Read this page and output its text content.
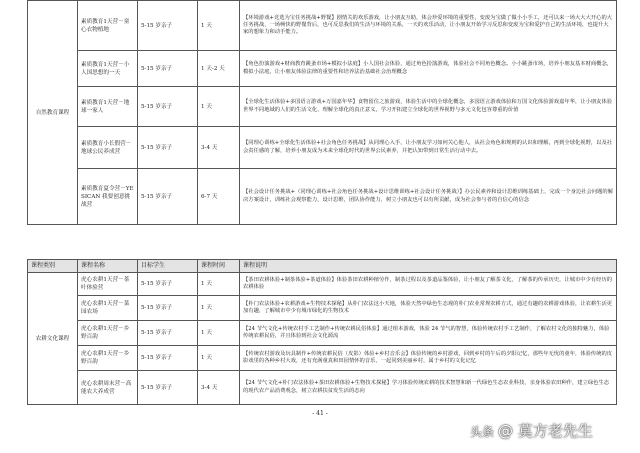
自然教育课程	素质教育1天营－童心衣物植地	5-15 岁亲子	1 天	【环境游戏+竞选为宝任务挑战+野餐】剧情关的欢乐游戏，让小朋友互助，体会珍爱环境的重要性，变废为宝做了做小小手工，还可以来一场大大大开心的大任务挑战，一场畅快的野餐背后，也可反思我们的生活与环境的关系，一天的欢乐活动，让小朋友开始学习反思和变废为宝和爱护自己的生活环境，也提升大家的想象力和动手能力。
	素质教育1天营－小人国思想的一天	5-15 岁亲子	1 天-2 天	【角色扮演游戏+财商教育跳蚤市场+模拟小法庭】小人国社会体验，通过角色扮演游戏，体验社会不同角色概念。小小跳蚤市场，培养小朋友基本财商概念，模拟小法庭，让小朋友体验法律的重要性和培养法治基础社会治理概念
	素质教育1天营－地球一家人	5-15 岁亲子	1 天	【全球化生活体验+多国语言游戏+万国嘉年华】食物留住之旅游戏，体验生活中的全球化概念，多国语言游戏体验和万国文化体验游戏嘉年华，让小朋友体验世界不同地域的人们的生活文化、理解全球化的真正意义，学习开拓建立全球化的世界视野与多元文化包容尊重的价值
	素质教育小长假营－地球公民养成营	5-15 岁亲子	3-4 天	【同理心训练+全球化生活体验+社会角色任务挑战】从同理心入手，让小朋友学习如何关心他人，从社会角色和规则的认识和理解，再到全球化视野，以及社会责任感的了解，培养小朋友成为未来全球化时代的世界公民素养，并把认知带到日常生活行动中去。
	素质教育夏令营－YESICAN 我要创意挑战营	5-15 岁亲子	6-7 天	【社会设计任务挑战+（同理心训练+社会角色任务挑战+设计思维训练+社会设计任务挑战）】办公民素养和设计思维训练基础上，完成一个身边社会问题的解决方案设计，训练社会观察能力，设计思维，团队协作能力，树立小朋友也可以有所贡献，成为社会参与者的自信心的信念
课程类别	课程名称	目标学生	课程时间	课程说明
农耕文化课程	虎心农耕1天营－茶叶体验营	5-15 岁亲子	1 天	【茶田农耕体验+制茶体验+茶道体验】体验茶田农耕种植劳作，制茶过程以及茶道品鉴体验，让小朋友了解茶文化，了解茶的传承历史，让城市中少有经历的农耕体验
	虎心农耕1天营－菜园农场	5-15 岁亲子	1 天	【朴门农法体验+农耕游戏+生物技术探秘】从朴门农法这小天地，体验天然中绿色生态观的朴门农业常规农耕方式，通过有趣的农耕游戏体验，让农耕生活更加有趣，了解城市中少有城市绿化的生物技术
	虎心农耕1天营－乡野百韵	5-15 岁亲子	1 天	【24 节气文化+传统农村手工艺制作+传统农耕民俗体验】通过组本游戏，体验 24 节气的智慧，体验传统农村手工艺制作，了解农村文化的独特魅力，体验传统农耕民俗，并且体验到社会文化源流
	虎心农耕1天营－乡野百韵	5-15 岁亲子	1 天	【传统农村游戏及玩具制作+传统农耕民俗（皮影）体验+乡村音乐会】体验传统的乡村游戏，回到乡村的午后的夕阳记忆，那些年无忧的童年，体验传统的皮影戏里的各种乡村大戏，还有充满童真和田园情怀的音乐，一起同到美丽乡村，属于乡村的文化记忆
	虎心农耕周末营－高能农大养成营	5-15 岁亲子	3-4 天	【24 节气文化+朴门农法体验+茶田农耕体验+生物技术探秘】学习体验传统农耕的技术智慧和新一代绿色生态农业科技，亲身体验农田种作，建立绿色生态的现代农产品消费观念，树立农耕扶贫发生活的态向
- 41 -
头条 @ 莫方老先生
